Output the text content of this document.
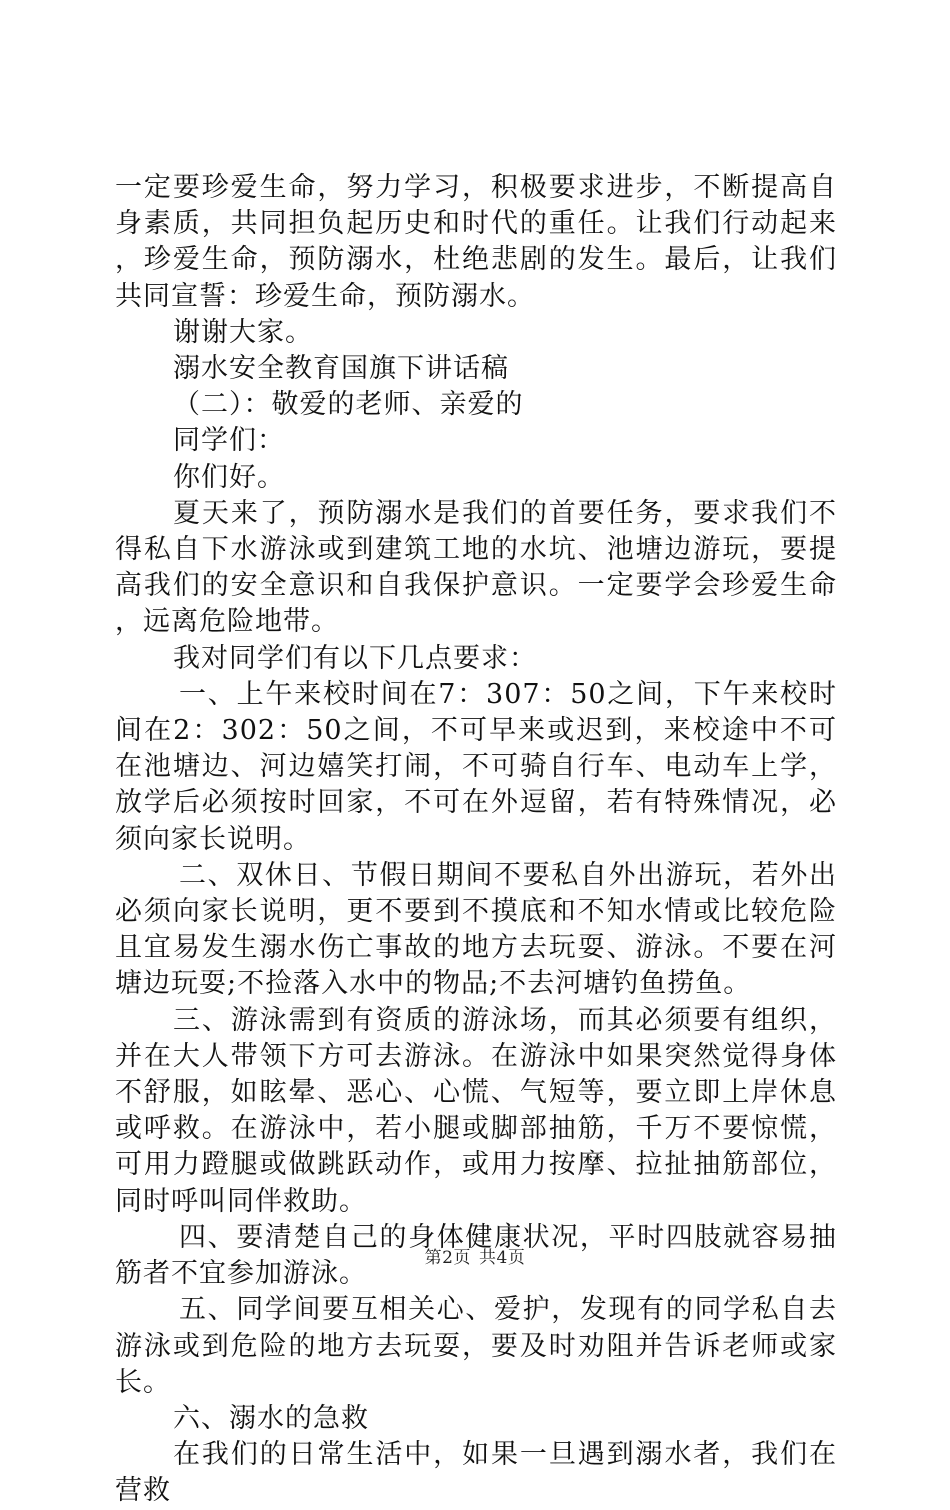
一定要珍爱生命，努力学习，积极要求进步，不断提高自身素质，共同担负起历史和时代的重任。让我们行动起来，珍爱生命，预防溺水，杜绝悲剧的发生。最后，让我们共同宣誓：珍爱生命，预防溺水。

谢谢大家。

溺水安全教育国旗下讲话稿

（二）：敬爱的老师、亲爱的

同学们：

你们好。

夏天来了，预防溺水是我们的首要任务，要求我们不得私自下水游泳或到建筑工地的水坑、池塘边游玩，要提高我们的安全意识和自我保护意识。一定要学会珍爱生命，远离危险地带。

我对同学们有以下几点要求：

一、上午来校时间在7：307：50之间，下午来校时间在2：302：50之间，不可早来或迟到，来校途中不可在池塘边、河边嬉笑打闹，不可骑自行车、电动车上学，放学后必须按时回家，不可在外逗留，若有特殊情况，必须向家长说明。

二、双休日、节假日期间不要私自外出游玩，若外出必须向家长说明，更不要到不摸底和不知水情或比较危险且宜易发生溺水伤亡事故的地方去玩耍、游泳。不要在河塘边玩耍;不捡落入水中的物品;不去河塘钓鱼捞鱼。

三、游泳需到有资质的游泳场，而其必须要有组织，并在大人带领下方可去游泳。在游泳中如果突然觉得身体不舒服，如眩晕、恶心、心慌、气短等，要立即上岸休息或呼救。在游泳中，若小腿或脚部抽筋，千万不要惊慌，可用力蹬腿或做跳跃动作，或用力按摩、拉扯抽筋部位，同时呼叫同伴救助。

四、要清楚自己的身体健康状况，平时四肢就容易抽筋者不宜参加游泳。

五、同学间要互相关心、爱护，发现有的同学私自去游泳或到危险的地方去玩耍，要及时劝阻并告诉老师或家长。

六、溺水的急救

在我们的日常生活中，如果一旦遇到溺水者，我们在营救

第2页 共4页
